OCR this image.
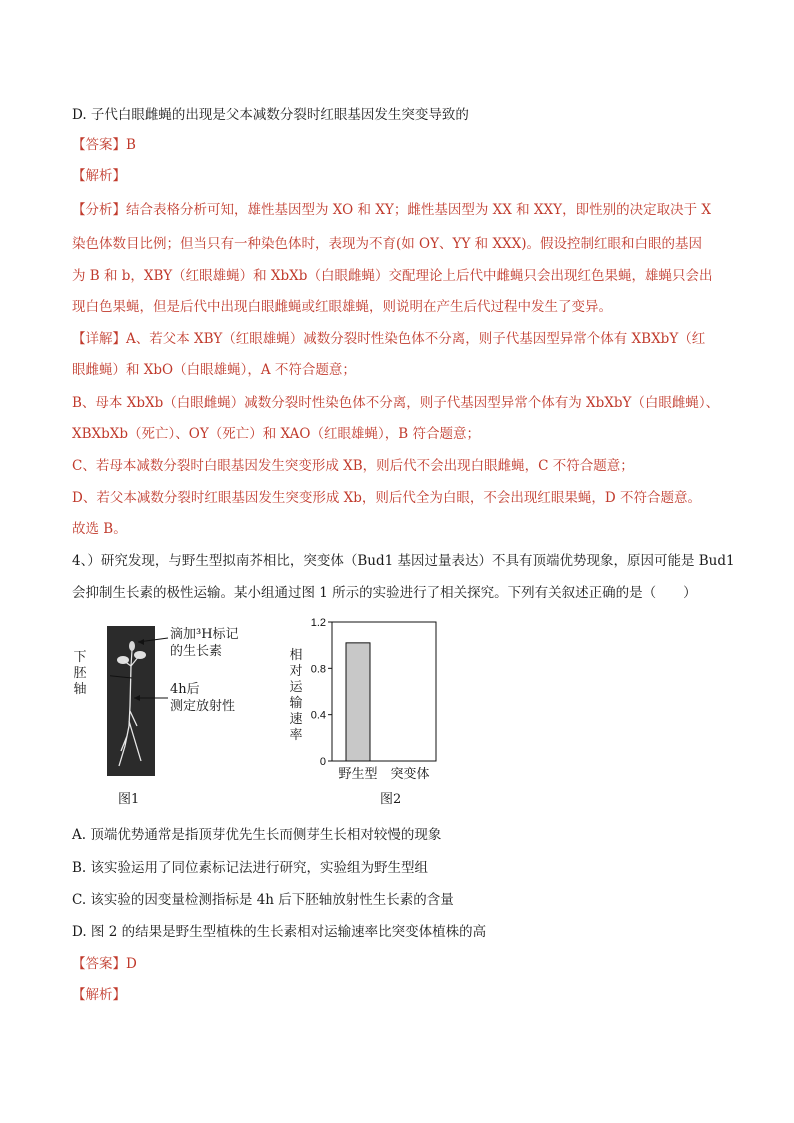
D. 子代白眼雌蝇的出现是父本减数分裂时红眼基因发生突变导致的
【答案】B
【解析】
【分析】结合表格分析可知，雄性基因型为 XO 和 XY；雌性基因型为 XX 和 XXY，即性别的决定取决于 X
染色体数目比例；但当只有一种染色体时，表现为不育(如 OY、YY 和 XXX)。假设控制红眼和白眼的基因
为 B 和 b，XBY（红眼雄蝇）和 XbXb（白眼雌蝇）交配理论上后代中雌蝇只会出现红色果蝇，雄蝇只会出
现白色果蝇，但是后代中出现白眼雌蝇或红眼雄蝇，则说明在产生后代过程中发生了变异。
【详解】A、若父本 XBY（红眼雄蝇）减数分裂时性染色体不分离，则子代基因型异常个体有 XBXbY（红
眼雌蝇）和 XbO（白眼雄蝇），A 不符合题意；
B、母本 XbXb（白眼雌蝇）减数分裂时性染色体不分离，则子代基因型异常个体有为 XbXbY（白眼雌蝇）、
XBXbXb（死亡）、OY（死亡）和 XAO（红眼雄蝇），B 符合题意；
C、若母本减数分裂时白眼基因发生突变形成 XB，则后代不会出现白眼雌蝇，C 不符合题意；
D、若父本减数分裂时红眼基因发生突变形成 Xb，则后代全为白眼，不会出现红眼果蝇，D 不符合题意。
故选 B。
4、）研究发现，与野生型拟南芥相比，突变体（Bud1 基因过量表达）不具有顶端优势现象，原因可能是 Bud1
会抑制生长素的极性运输。某小组通过图 1 所示的实验进行了相关探究。下列有关叙述正确的是（　　）
滴加³H标记
的生长素
下胚轴	4h后
测定放射性
图1
相对运输速率
0
0.4
0.8
1.2
野生型 突变体
图2
A. 顶端优势通常是指顶芽优先生长而侧芽生长相对较慢的现象
B. 该实验运用了同位素标记法进行研究，实验组为野生型组
C. 该实验的因变量检测指标是 4h 后下胚轴放射性生长素的含量
D. 图 2 的结果是野生型植株的生长素相对运输速率比突变体植株的高
【答案】D
【解析】
